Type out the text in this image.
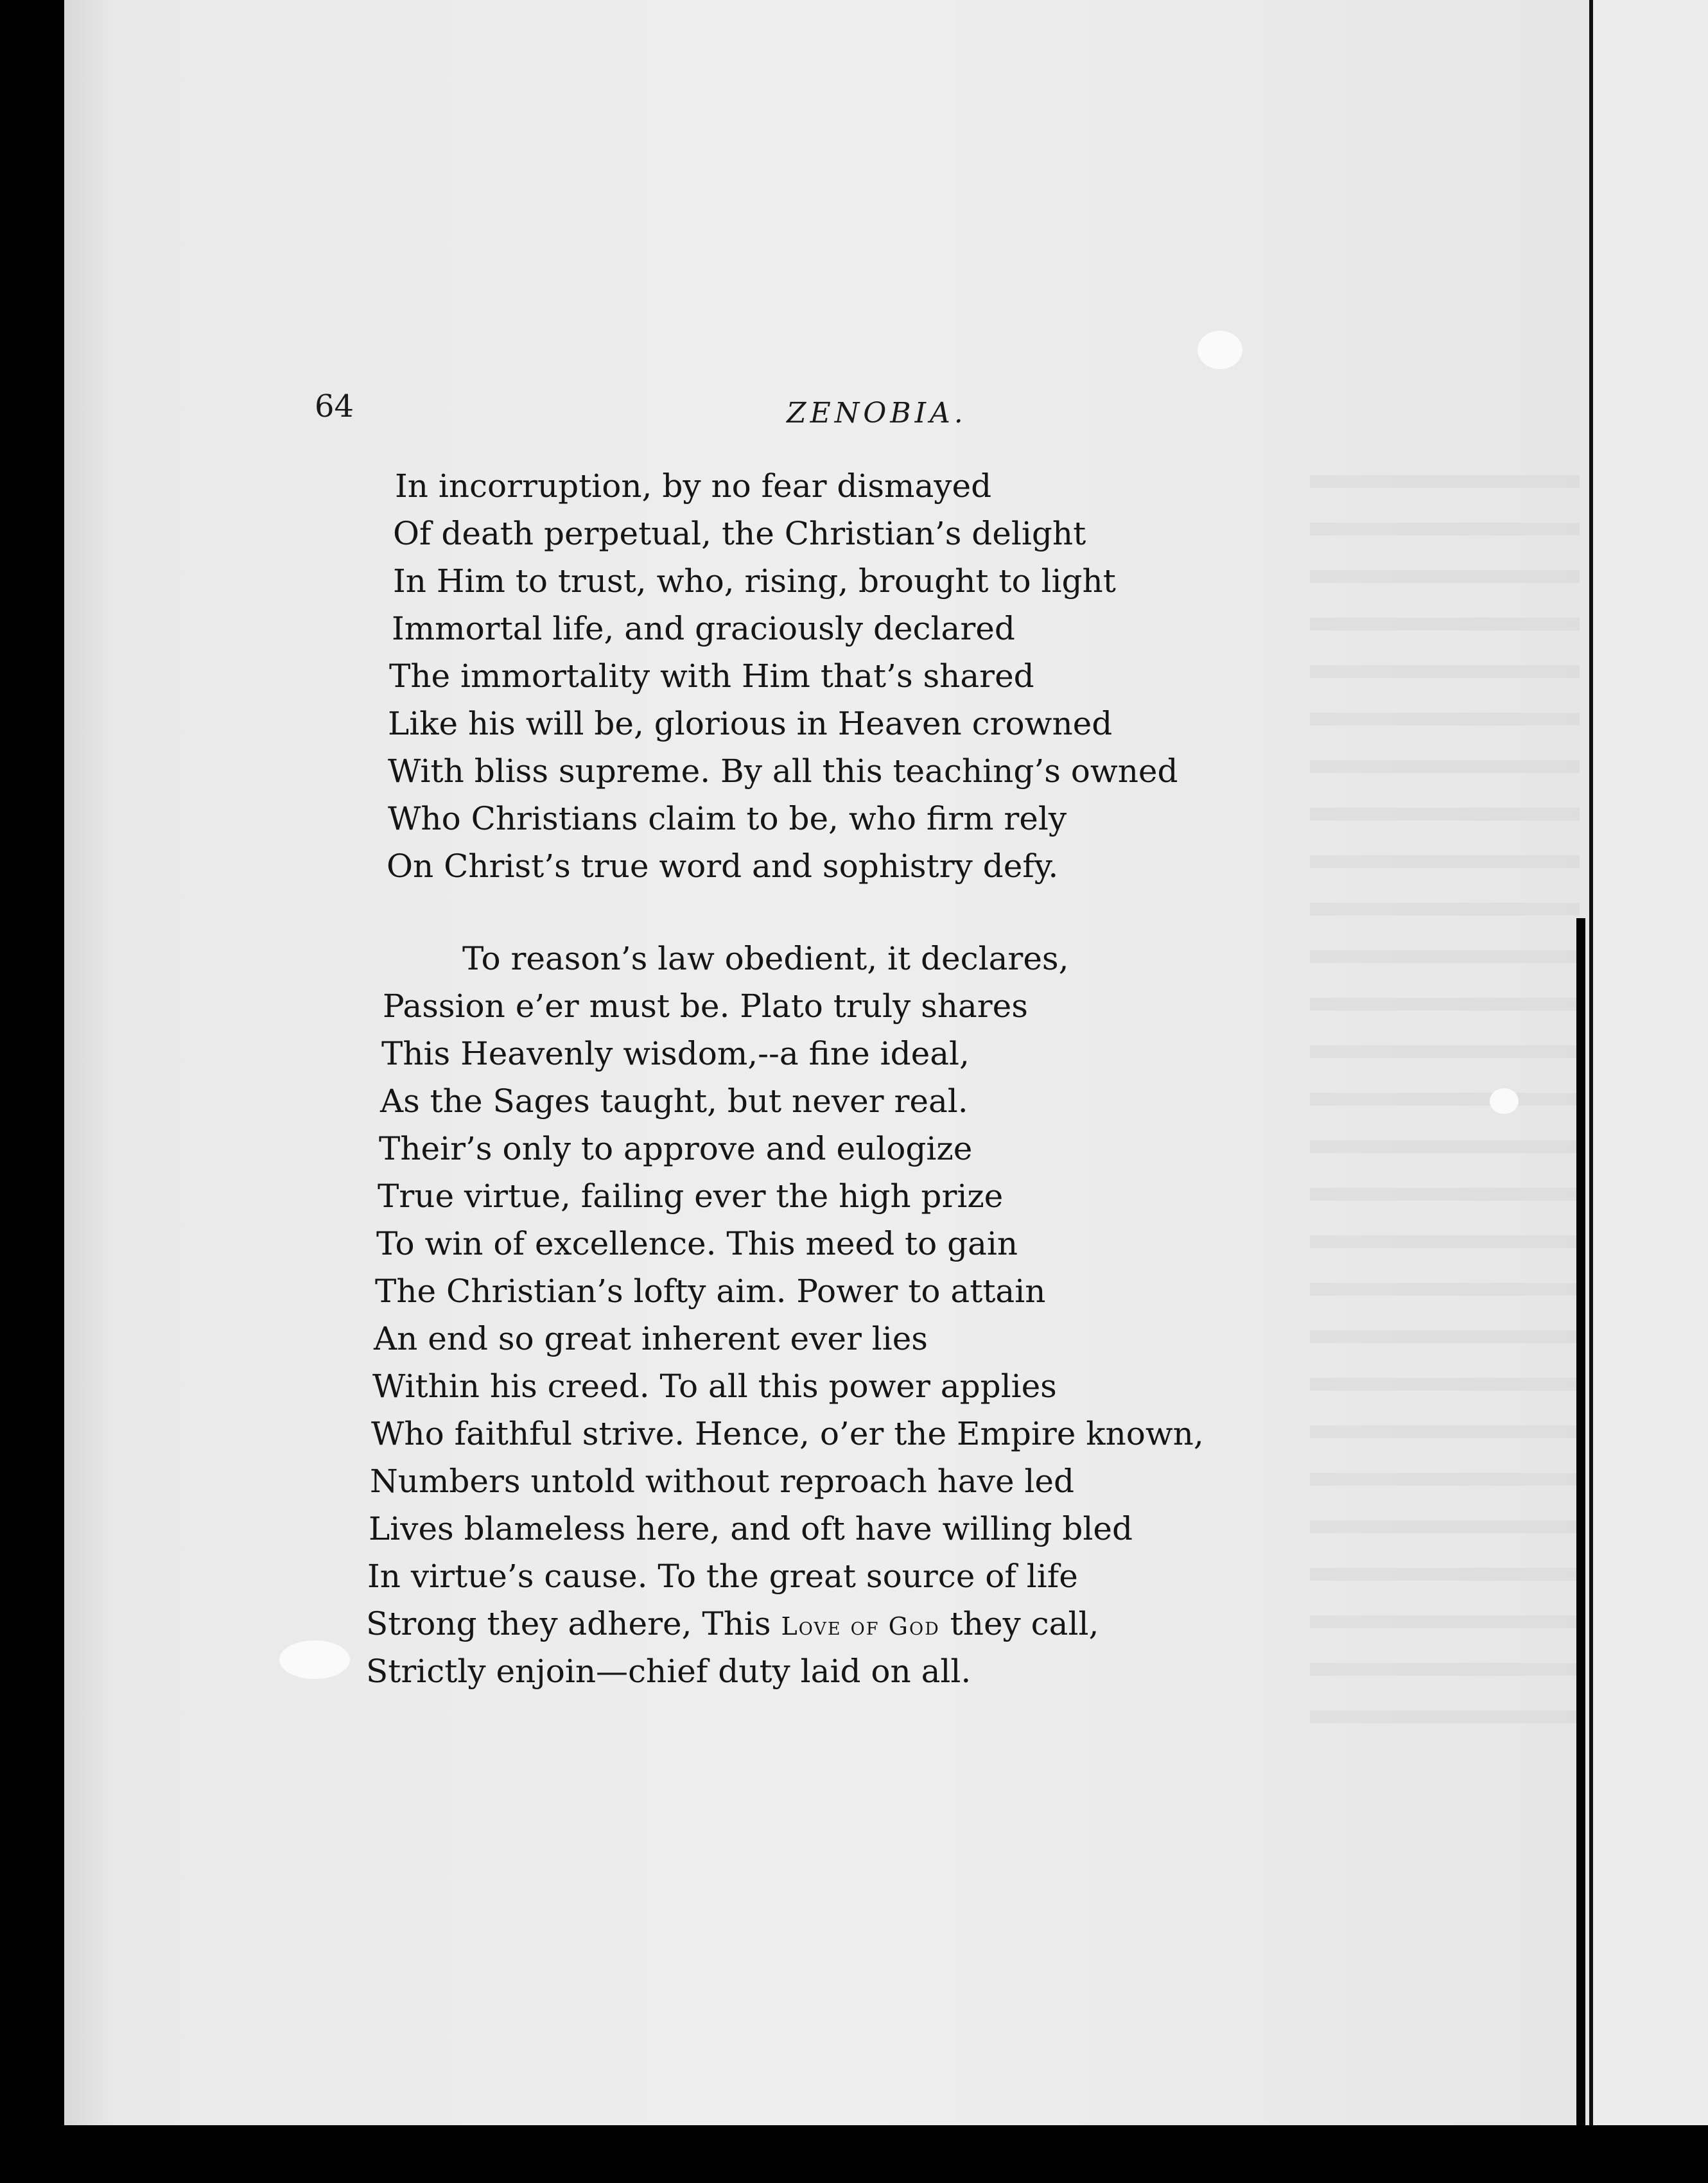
64	ZENOBIA.
In incorruption, by no fear dismayed
Of death perpetual, the Christian’s delight
In Him to trust, who, rising, brought to light
Immortal life, and graciously declared
The immortality with Him that’s shared
Like his will be, glorious in Heaven crowned
With bliss supreme. By all this teaching’s owned
Who Christians claim to be, who firm rely
On Christ’s true word and sophistry defy.
To reason’s law obedient, it declares,
Passion e’er must be. Plato truly shares
This Heavenly wisdom,--a fine ideal,
As the Sages taught, but never real.
Their’s only to approve and eulogize
True virtue, failing ever the high prize
To win of excellence. This meed to gain
The Christian’s lofty aim. Power to attain
An end so great inherent ever lies
Within his creed. To all this power applies
Who faithful strive. Hence, o’er the Empire known,
Numbers untold without reproach have led
Lives blameless here, and oft have willing bled
In virtue’s cause. To the great source of life
Strong they adhere, This Love of God they call,
Strictly enjoin—chief duty laid on all.
